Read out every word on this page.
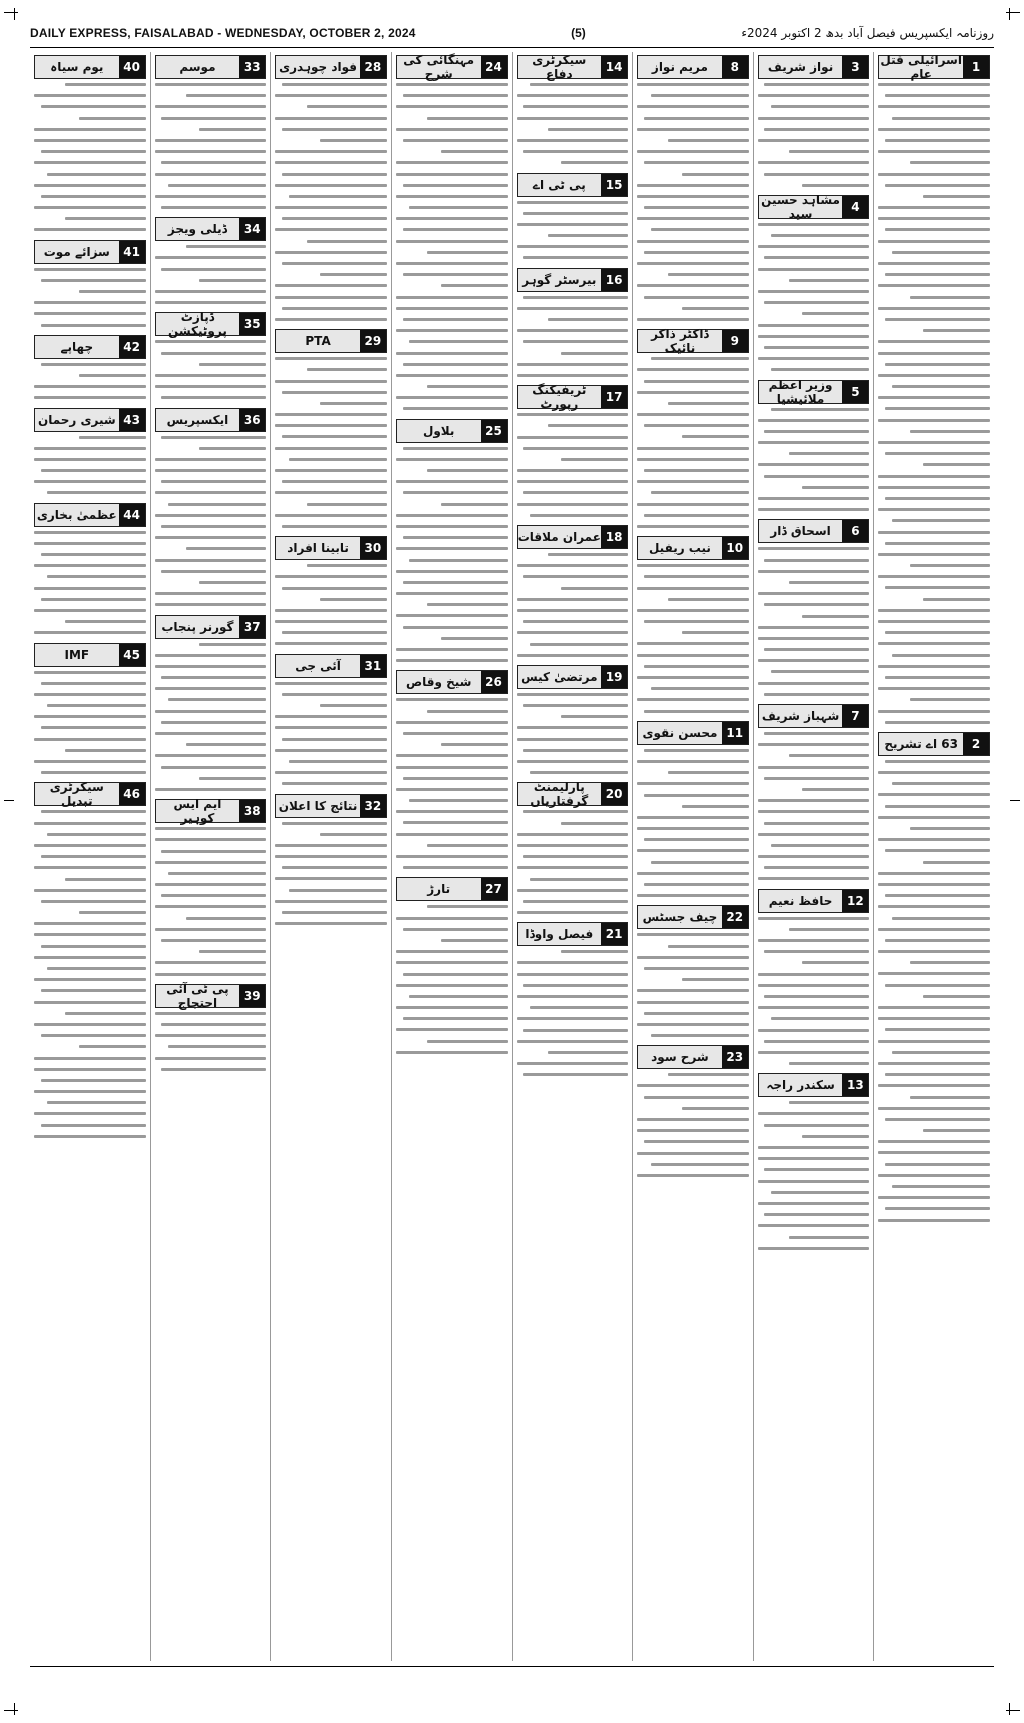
DAILY EXPRESS, FAISALABAD - WEDNESDAY, OCTOBER 2, 2024	(5)	روزنامہ ایکسپریس فیصل آباد بدھ 2 اکتوبر 2024ء
1
اسرائیلی قتل عام
2
63 اے تشریح
3
نواز شریف
4
مشاہد حسین سید
5
وزیر اعظم ملائیشیا
6
اسحاق ڈار
7
شہباز شریف
12
حافظ نعیم
13
سکندر راجہ
8
مریم نواز
9
ڈاکٹر ذاکر نائیک
10
نیب ریفیل
11
محسن نقوی
22
چیف جسٹس
23
شرح سود
14
سیکرٹری دفاع
15
پی ٹی اے
16
بیرسٹر گوہر
17
ٹریفیکنگ رپورٹ
18
عمران ملاقات
19
مرتضیٰ کیس
20
پارلیمنٹ گرفتاریاں
21
فیصل واوڈا
24
مہنگائی کی شرح
25
بلاول
26
شیخ وقاص
27
تارڑ
28
فواد چوہدری
29
PTA
30
تابینا افراد
31
آئی جی
32
نتائج کا اعلان
33
موسم
34
ڈیلی ویجز
35
ڈپازٹ پروٹیکشن
36
ایکسپریس
37
گورنر پنجاب
38
ایم ایس کوہیر
39
پی ٹی آئی احتجاج
40
یوم سیاہ
41
سزائے موت
42
چھاپے
43
شیری رحمان
44
عظمیٰ بخاری
45
IMF
46
سیکرٹری تبدیل
